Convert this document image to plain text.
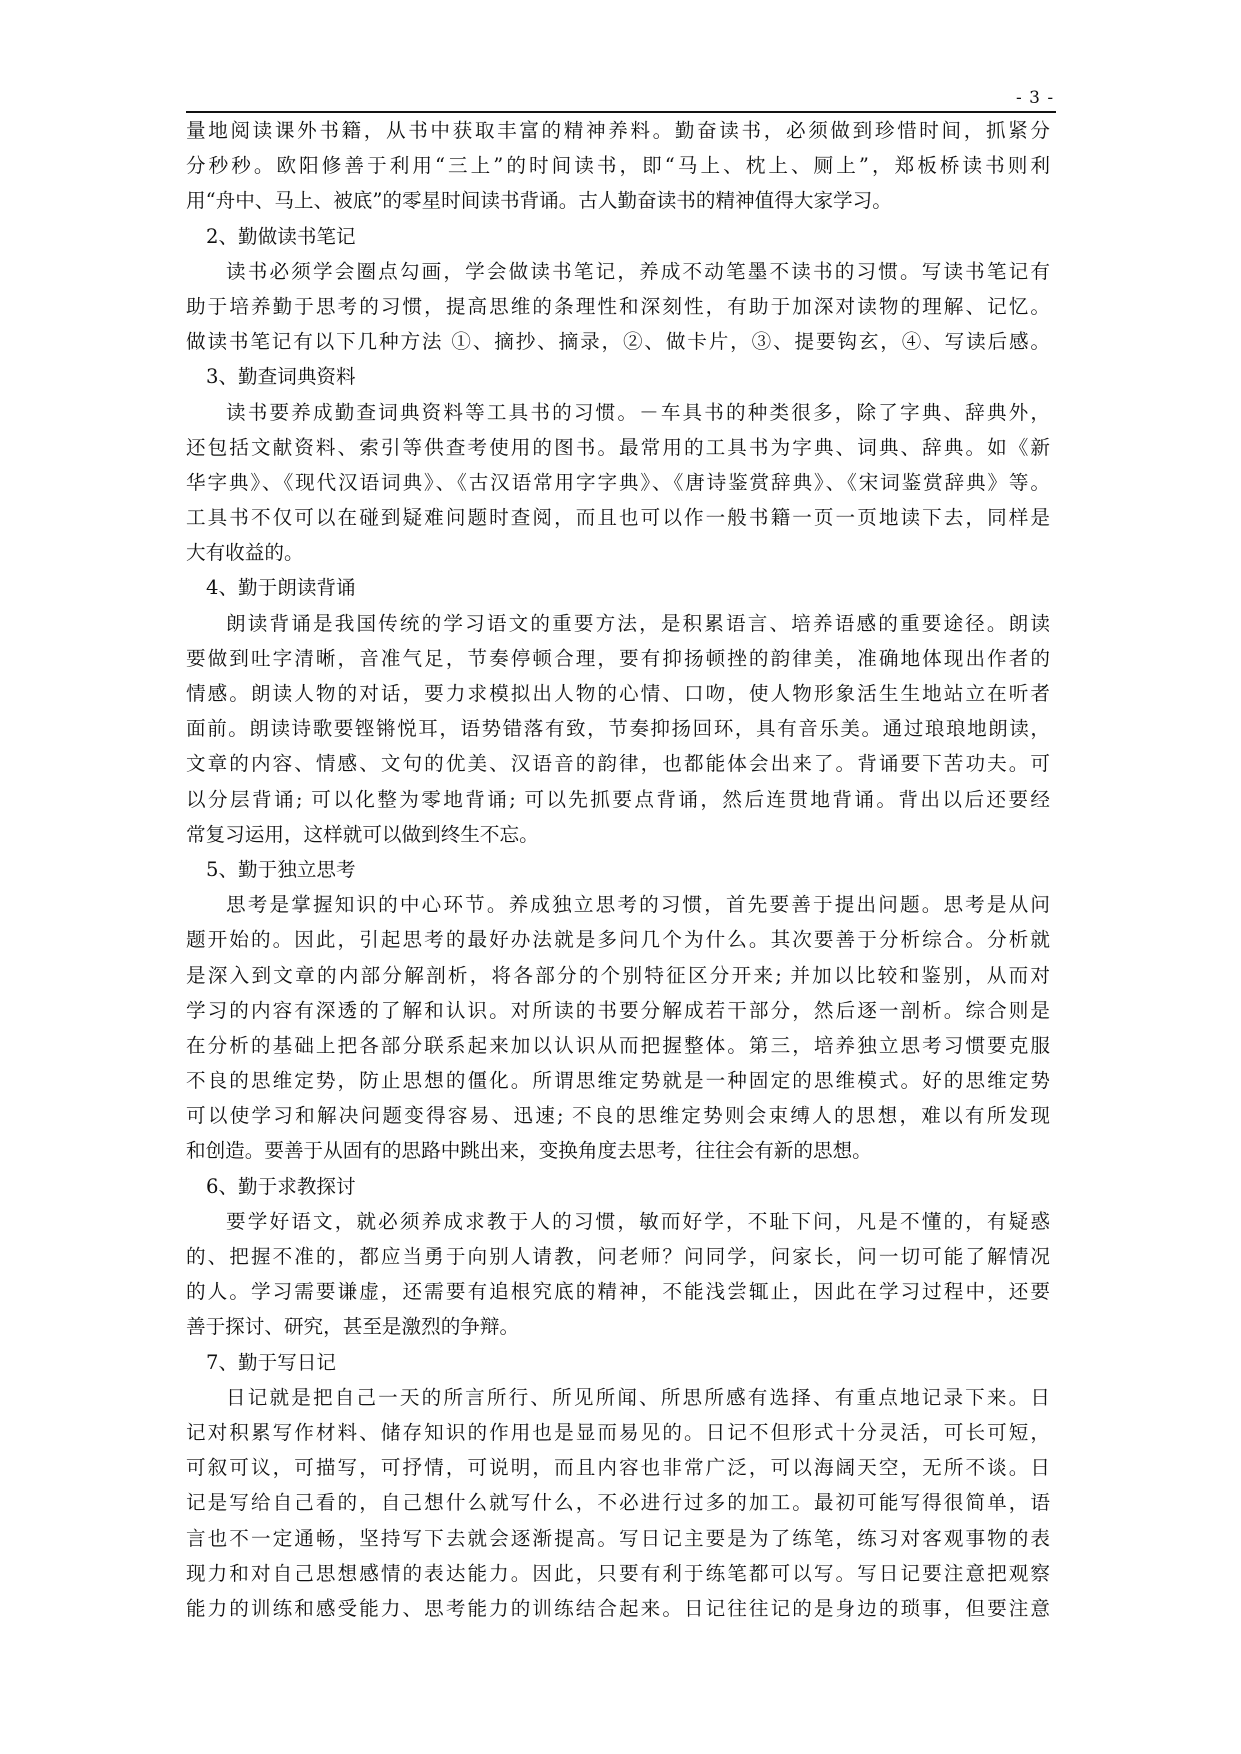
- 3 -
量地阅读课外书籍，从书中获取丰富的精神养料。勤奋读书，必须做到珍惜时间，抓紧分
分秒秒。欧阳修善于利用“三上”的时间读书，即“马上、枕上、厕上”，郑板桥读书则利
用“舟中、马上、被底”的零星时间读书背诵。古人勤奋读书的精神值得大家学习。
2、勤做读书笔记
读书必须学会圈点勾画，学会做读书笔记，养成不动笔墨不读书的习惯。写读书笔记有
助于培养勤于思考的习惯，提高思维的条理性和深刻性，有助于加深对读物的理解、记忆。
做读书笔记有以下几种方法 ①、摘抄、摘录，②、做卡片，③、提要钩玄，④、写读后感。
3、勤查词典资料
读书要养成勤查词典资料等工具书的习惯。－车具书的种类很多，除了字典、辞典外，
还包括文献资料、索引等供查考使用的图书。最常用的工具书为字典、词典、辞典。如《新
华字典》、《现代汉语词典》、《古汉语常用字字典》、《唐诗鉴赏辞典》、《宋词鉴赏辞典》等。
工具书不仅可以在碰到疑难问题时查阅，而且也可以作一般书籍一页一页地读下去，同样是
大有收益的。
4、勤于朗读背诵
朗读背诵是我国传统的学习语文的重要方法，是积累语言、培养语感的重要途径。朗读
要做到吐字清晰，音准气足，节奏停顿合理，要有抑扬顿挫的韵律美，准确地体现出作者的
情感。朗读人物的对话，要力求模拟出人物的心情、口吻，使人物形象活生生地站立在听者
面前。朗读诗歌要铿锵悦耳，语势错落有致，节奏抑扬回环，具有音乐美。通过琅琅地朗读，
文章的内容、情感、文句的优美、汉语音的韵律，也都能体会出来了。背诵要下苦功夫。可
以分层背诵; 可以化整为零地背诵; 可以先抓要点背诵，然后连贯地背诵。背出以后还要经
常复习运用，这样就可以做到终生不忘。
5、勤于独立思考
思考是掌握知识的中心环节。养成独立思考的习惯，首先要善于提出问题。思考是从问
题开始的。因此，引起思考的最好办法就是多问几个为什么。其次要善于分析综合。分析就
是深入到文章的内部分解剖析，将各部分的个别特征区分开来; 并加以比较和鉴别，从而对
学习的内容有深透的了解和认识。对所读的书要分解成若干部分，然后逐一剖析。综合则是
在分析的基础上把各部分联系起来加以认识从而把握整体。第三，培养独立思考习惯要克服
不良的思维定势，防止思想的僵化。所谓思维定势就是一种固定的思维模式。好的思维定势
可以使学习和解决问题变得容易、迅速; 不良的思维定势则会束缚人的思想，难以有所发现
和创造。要善于从固有的思路中跳出来，变换角度去思考，往往会有新的思想。
6、勤于求教探讨
要学好语文，就必须养成求教于人的习惯，敏而好学，不耻下问，凡是不懂的，有疑惑
的、把握不准的，都应当勇于向别人请教，问老师？问同学，问家长，问一切可能了解情况
的人。学习需要谦虚，还需要有追根究底的精神，不能浅尝辄止，因此在学习过程中，还要
善于探讨、研究，甚至是激烈的争辩。
7、勤于写日记
日记就是把自己一天的所言所行、所见所闻、所思所感有选择、有重点地记录下来。日
记对积累写作材料、储存知识的作用也是显而易见的。日记不但形式十分灵活，可长可短，
可叙可议，可描写，可抒情，可说明，而且内容也非常广泛，可以海阔天空，无所不谈。日
记是写给自己看的，自己想什么就写什么，不必进行过多的加工。最初可能写得很简单，语
言也不一定通畅，坚持写下去就会逐渐提高。写日记主要是为了练笔，练习对客观事物的表
现力和对自己思想感情的表达能力。因此，只要有利于练笔都可以写。写日记要注意把观察
能力的训练和感受能力、思考能力的训练结合起来。日记往往记的是身边的琐事，但要注意
